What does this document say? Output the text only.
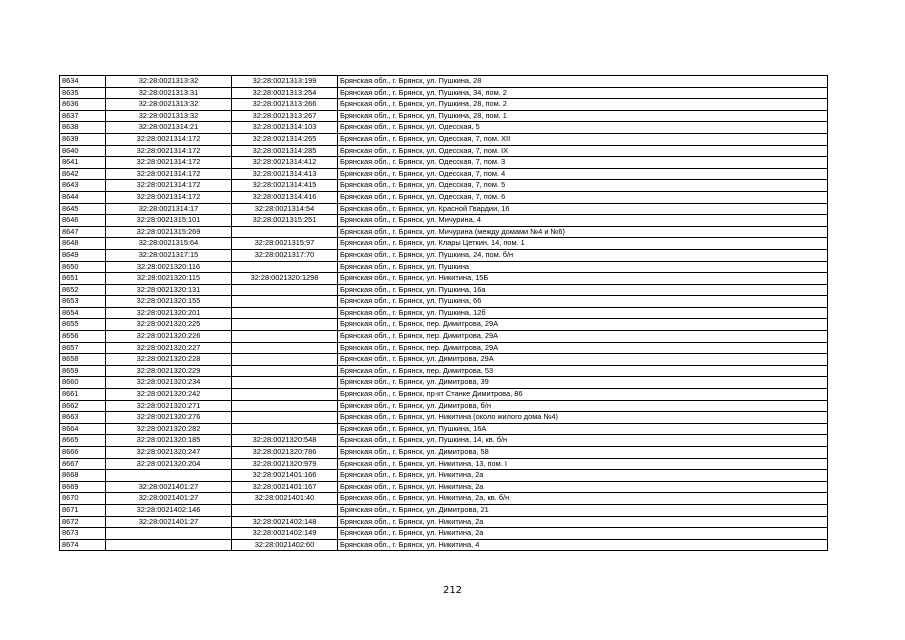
8634	32:28:0021313:32	32:28:0021313:199	Брянская обл., г. Брянск, ул. Пушкина, 28
8635	32:28:0021313:31	32:28:0021313:254	Брянская обл., г. Брянск, ул. Пушкина, 34, пом. 2
8636	32:28:0021313:32	32:28:0021313:266	Брянская обл., г. Брянск, ул. Пушкина, 28, пом. 2
8637	32:28:0021313:32	32:28:0021313:267	Брянская обл., г. Брянск, ул. Пушкина, 28, пом. 1
8638	32:28:0021314:21	32:28:0021314:103	Брянская обл., г. Брянск, ул. Одесская, 5
8639	32:28:0021314:172	32:28:0021314:265	Брянская обл., г. Брянск, ул. Одесская, 7, пом. XII
8640	32:28:0021314:172	32:28:0021314:285	Брянская обл., г. Брянск, ул. Одесская, 7, пом. IX
8641	32:28:0021314:172	32:28:0021314:412	Брянская обл., г. Брянск, ул. Одесская, 7, пом. 3
8642	32:28:0021314:172	32:28:0021314:413	Брянская обл., г. Брянск, ул. Одесская, 7, пом. 4
8643	32:28:0021314:172	32:28:0021314:415	Брянская обл., г. Брянск, ул. Одесская, 7, пом. 5
8644	32:28:0021314:172	32:28:0021314:416	Брянская обл., г. Брянск, ул. Одесская, 7, пом. 6
8645	32:28:0021314:17	32:28:0021314:54	Брянская обл., г. Брянск, ул. Красной Гвардии, 16
8646	32:28:0021315:101	32:28:0021315:251	Брянская обл., г. Брянск, ул. Мичурина, 4
8647	32:28:0021315:269		Брянская обл., г. Брянск, ул. Мичурина (между домами №4 и №6)
8648	32:28:0021315:64	32:28:0021315:97	Брянская обл., г. Брянск, ул. Клары Цеткин, 14, пом. 1
8649	32:28:0021317:15	32:28:0021317:70	Брянская обл., г. Брянск, ул. Пушкина, 24, пом. б/н
8650	32:28:0021320:116		Брянская обл., г. Брянск, ул. Пушкина
8651	32:28:0021320:115	32:28:0021320:1298	Брянская обл., г. Брянск, ул. Никитина, 15Б
8652	32:28:0021320:131		Брянская обл., г. Брянск, ул. Пушкина, 16а
8653	32:28:0021320:155		Брянская обл., г. Брянск, ул. Пушкина, 66
8654	32:28:0021320:201		Брянская обл., г. Брянск, ул. Пушкина, 12б
8655	32:28:0021320:225		Брянская обл., г. Брянск, пер. Димитрова, 29А
8656	32:28:0021320:226		Брянская обл., г. Брянск, пер. Димитрова, 29А
8657	32:28:0021320:227		Брянская обл., г. Брянск, пер. Димитрова, 29А
8658	32:28:0021320:228		Брянская обл., г. Брянск, ул. Димитрова, 29А
8659	32:28:0021320:229		Брянская обл., г. Брянск, пер. Димитрова, 53
8660	32:28:0021320:234		Брянская обл., г. Брянск, ул. Димитрова, 39
8661	32:28:0021320:242		Брянская обл., г. Брянск, пр-кт Станке Димитрова, 86
8662	32:28:0021320:271		Брянская обл., г. Брянск, ул. Димитрова, б/н
8663	32:28:0021320:276		Брянская обл., г. Брянск, ул. Никитина (около жилого дома №4)
8664	32:28:0021320:282		Брянская обл., г. Брянск, ул. Пушкина, 16А
8665	32:28:0021320:185	32:28:0021320:548	Брянская обл., г. Брянск, ул. Пушкина, 14, кв. б/н
8666	32:28:0021320:247	32:28:0021320:786	Брянская обл., г. Брянск, ул. Димитрова, 58
8667	32:28:0021320:204	32:28:0021320:979	Брянская обл., г. Брянск, ул. Никитина, 13, пом. I
8668		32:28:0021401:166	Брянская обл., г. Брянск, ул. Никитина, 2а
8669	32:28:0021401:27	32:28:0021401:167	Брянская обл., г. Брянск, ул. Никитина, 2а
8670	32:28:0021401:27	32:28:0021401:40	Брянская обл., г. Брянск, ул. Никитина, 2а, кв. б/н
8671	32:28:0021402:146		Брянская обл., г. Брянск, ул. Димитрова, 21
8672	32:28:0021401:27	32:28:0021402:148	Брянская обл., г. Брянск, ул. Никитина, 2а
8673		32:28:0021402:149	Брянская обл., г. Брянск, ул. Никитина, 2а
8674		32:28:0021402:60	Брянская обл., г. Брянск, ул. Никитина, 4
212
